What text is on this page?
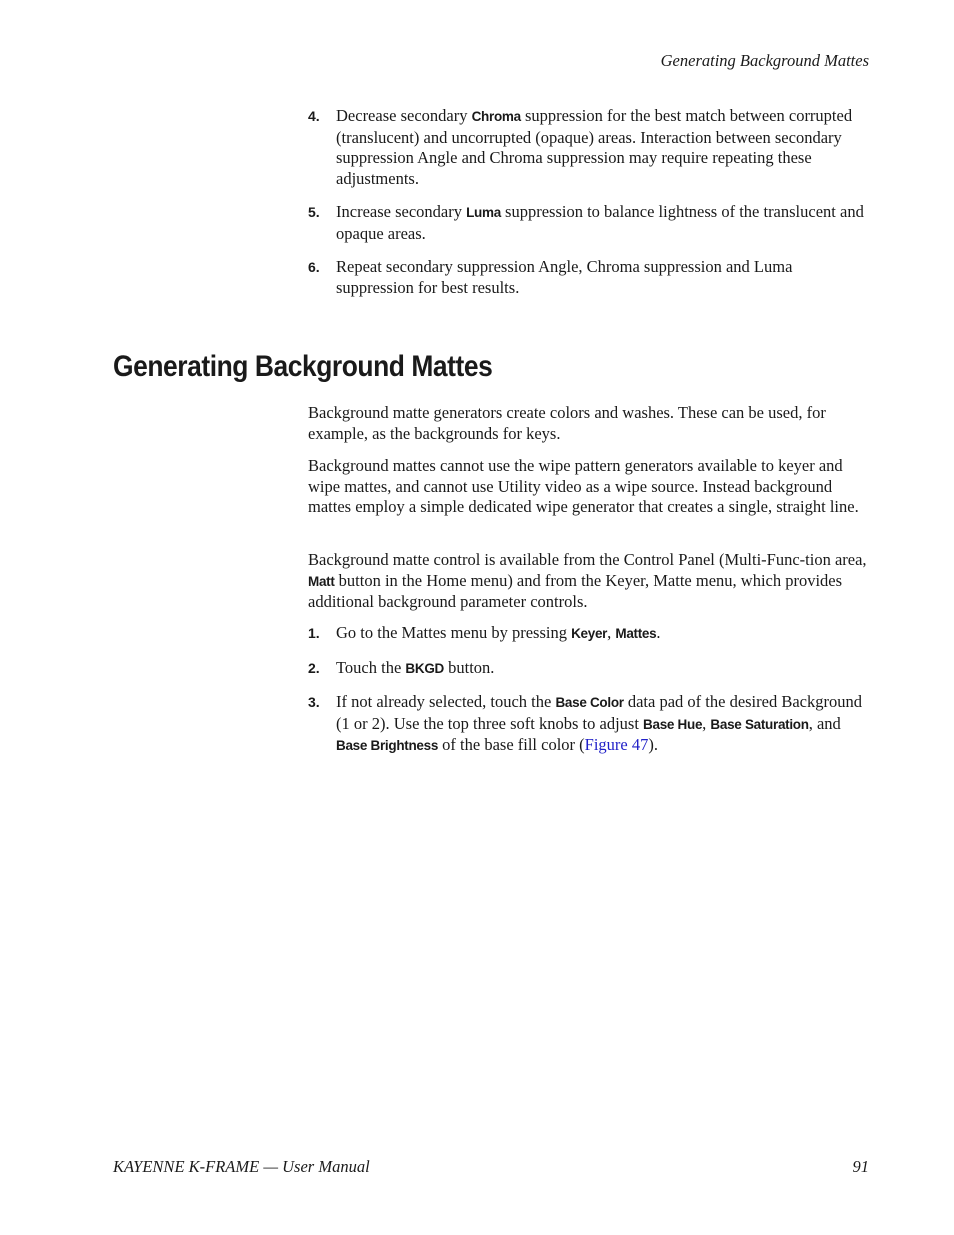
Generating Background Mattes
4. Decrease secondary Chroma suppression for the best match between corrupted (translucent) and uncorrupted (opaque) areas. Interaction between secondary suppression Angle and Chroma suppression may require repeating these adjustments.
5. Increase secondary Luma suppression to balance lightness of the translucent and opaque areas.
6. Repeat secondary suppression Angle, Chroma suppression and Luma suppression for best results.
Generating Background Mattes

Background matte generators create colors and washes. These can be used, for example, as the backgrounds for keys.

Background mattes cannot use the wipe pattern generators available to keyer and wipe mattes, and cannot use Utility video as a wipe source. Instead background mattes employ a simple dedicated wipe generator that creates a single, straight line.

Background matte control is available from the Control Panel (Multi-Func-tion area, Matt button in the Home menu) and from the Keyer, Matte menu, which provides additional background parameter controls.

1. Go to the Mattes menu by pressing Keyer, Mattes.
2. Touch the BKGD button.
3. If not already selected, touch the Base Color data pad of the desired Background (1 or 2). Use the top three soft knobs to adjust Base Hue, Base Saturation, and Base Brightness of the base fill color (Figure 47).
KAYENNE K-FRAME — User Manual	91
